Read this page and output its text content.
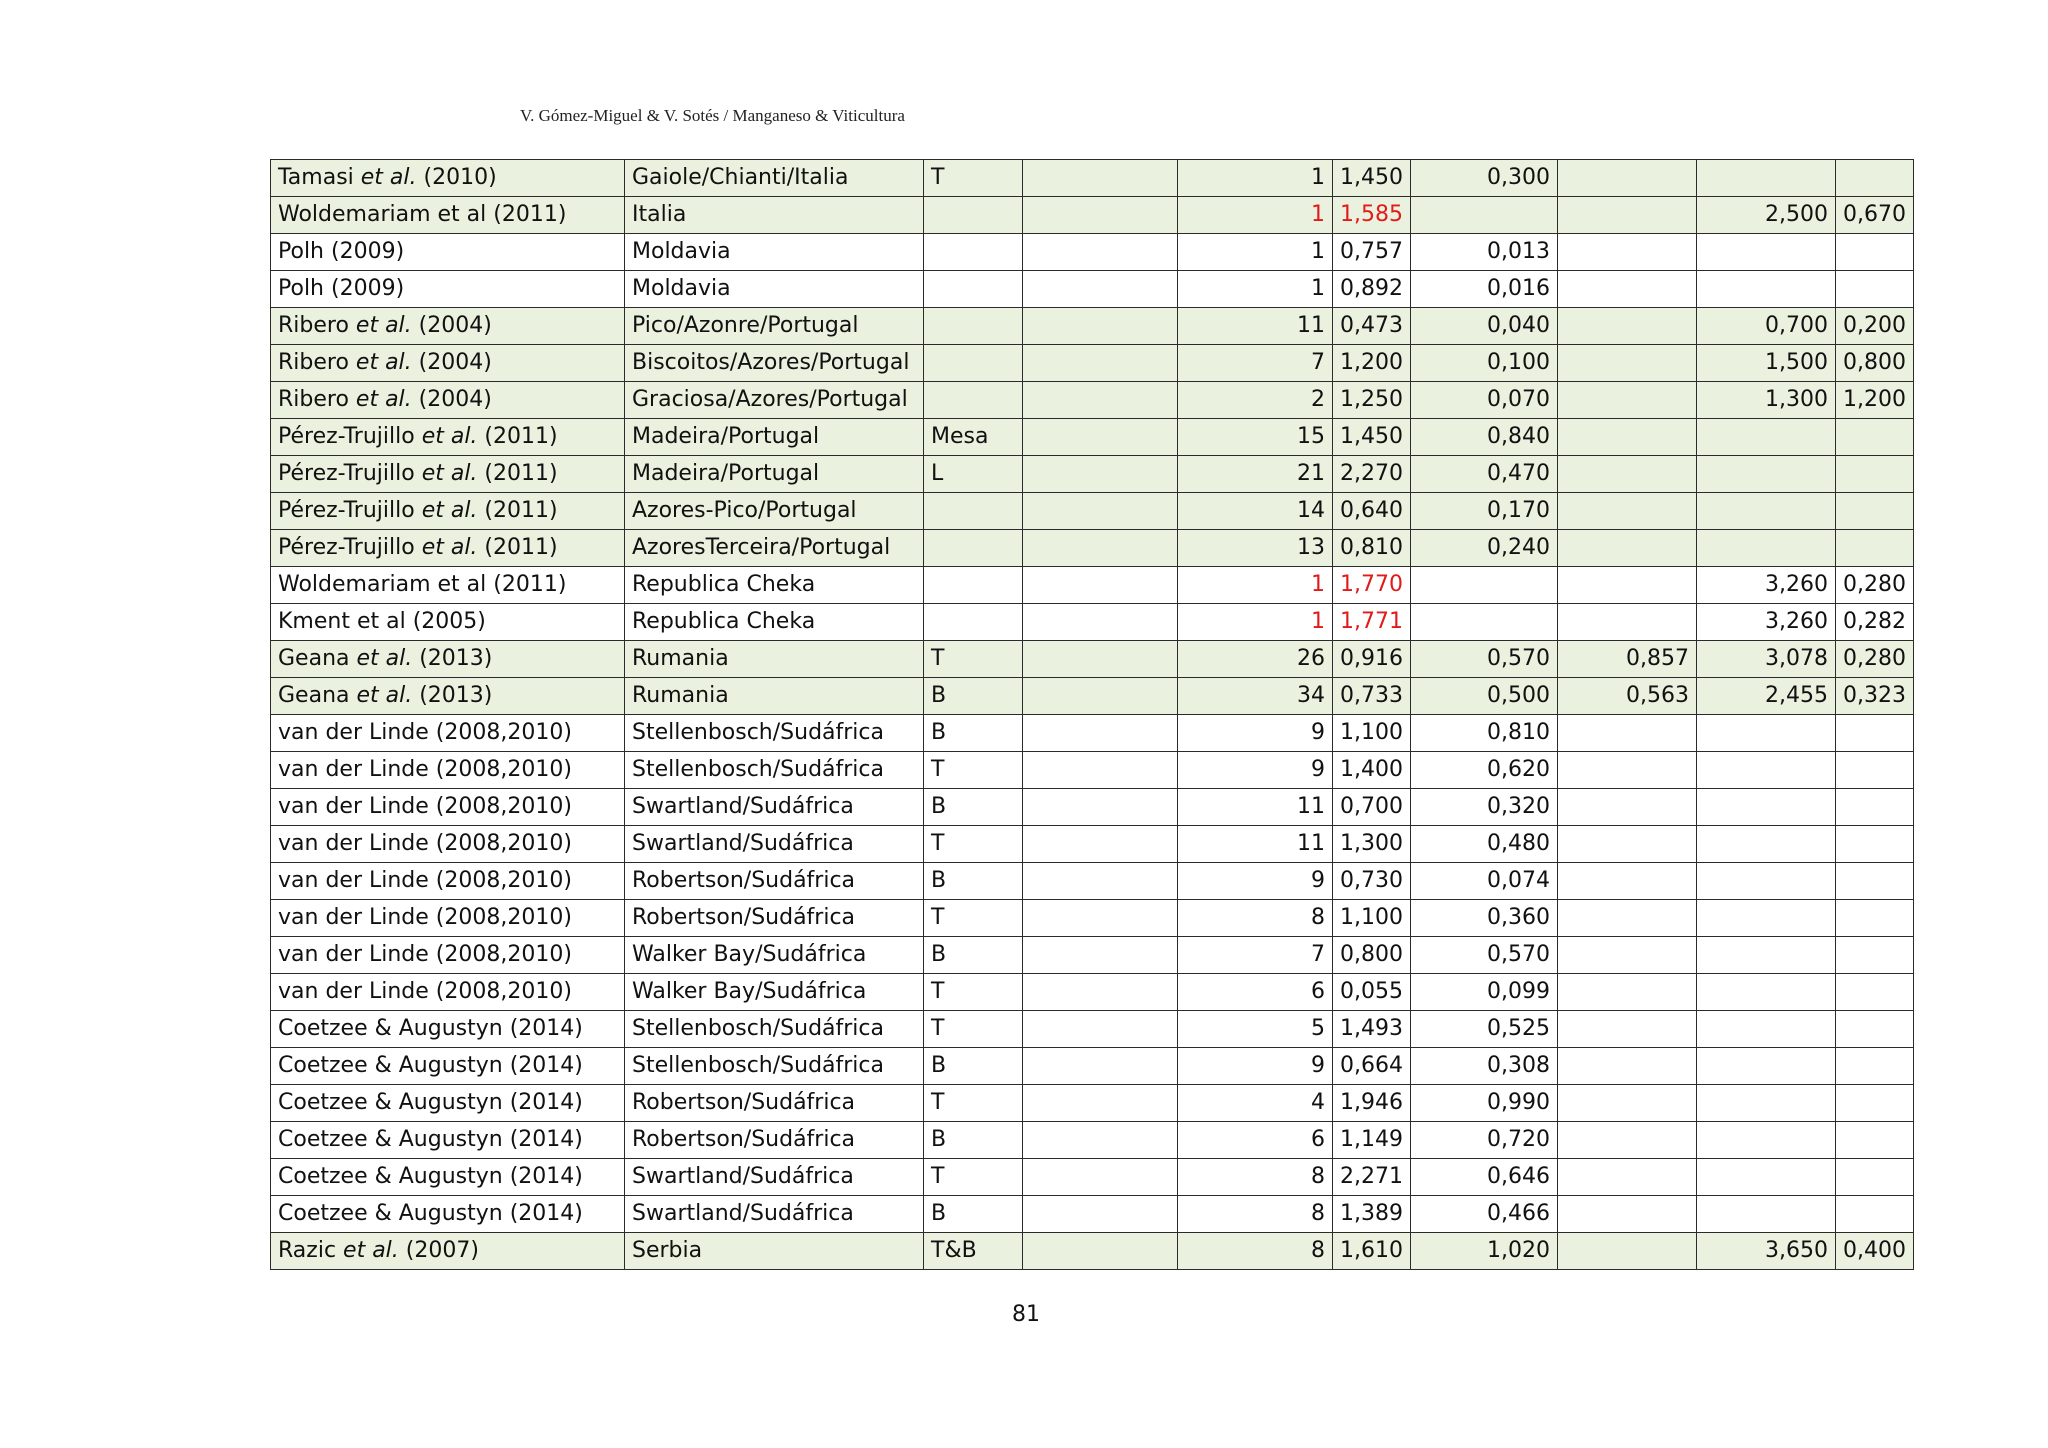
V. Gómez-Miguel & V. Sotés / Manganeso & Viticultura
Tamasi et al. (2010)	Gaiole/Chianti/Italia	T		1	1,450	0,300			
Woldemariam et al (2011)	Italia			1	1,585			2,500	0,670
Polh (2009)	Moldavia			1	0,757	0,013			
Polh (2009)	Moldavia			1	0,892	0,016			
Ribero et al. (2004)	Pico/Azonre/Portugal			11	0,473	0,040		0,700	0,200
Ribero et al. (2004)	Biscoitos/Azores/Portugal			7	1,200	0,100		1,500	0,800
Ribero et al. (2004)	Graciosa/Azores/Portugal			2	1,250	0,070		1,300	1,200
Pérez-Trujillo et al. (2011)	Madeira/Portugal	Mesa		15	1,450	0,840			
Pérez-Trujillo et al. (2011)	Madeira/Portugal	L		21	2,270	0,470			
Pérez-Trujillo et al. (2011)	Azores-Pico/Portugal			14	0,640	0,170			
Pérez-Trujillo et al. (2011)	AzoresTerceira/Portugal			13	0,810	0,240			
Woldemariam et al (2011)	Republica Cheka			1	1,770			3,260	0,280
Kment et al (2005)	Republica Cheka			1	1,771			3,260	0,282
Geana et al. (2013)	Rumania	T		26	0,916	0,570	0,857	3,078	0,280
Geana et al. (2013)	Rumania	B		34	0,733	0,500	0,563	2,455	0,323
van der Linde (2008,2010)	Stellenbosch/Sudáfrica	B		9	1,100	0,810			
van der Linde (2008,2010)	Stellenbosch/Sudáfrica	T		9	1,400	0,620			
van der Linde (2008,2010)	Swartland/Sudáfrica	B		11	0,700	0,320			
van der Linde (2008,2010)	Swartland/Sudáfrica	T		11	1,300	0,480			
van der Linde (2008,2010)	Robertson/Sudáfrica	B		9	0,730	0,074			
van der Linde (2008,2010)	Robertson/Sudáfrica	T		8	1,100	0,360			
van der Linde (2008,2010)	Walker Bay/Sudáfrica	B		7	0,800	0,570			
van der Linde (2008,2010)	Walker Bay/Sudáfrica	T		6	0,055	0,099			
Coetzee & Augustyn (2014)	Stellenbosch/Sudáfrica	T		5	1,493	0,525			
Coetzee & Augustyn (2014)	Stellenbosch/Sudáfrica	B		9	0,664	0,308			
Coetzee & Augustyn (2014)	Robertson/Sudáfrica	T		4	1,946	0,990			
Coetzee & Augustyn (2014)	Robertson/Sudáfrica	B		6	1,149	0,720			
Coetzee & Augustyn (2014)	Swartland/Sudáfrica	T		8	2,271	0,646			
Coetzee & Augustyn (2014)	Swartland/Sudáfrica	B		8	1,389	0,466			
Razic et al. (2007)	Serbia	T&B		8	1,610	1,020		3,650	0,400
81
